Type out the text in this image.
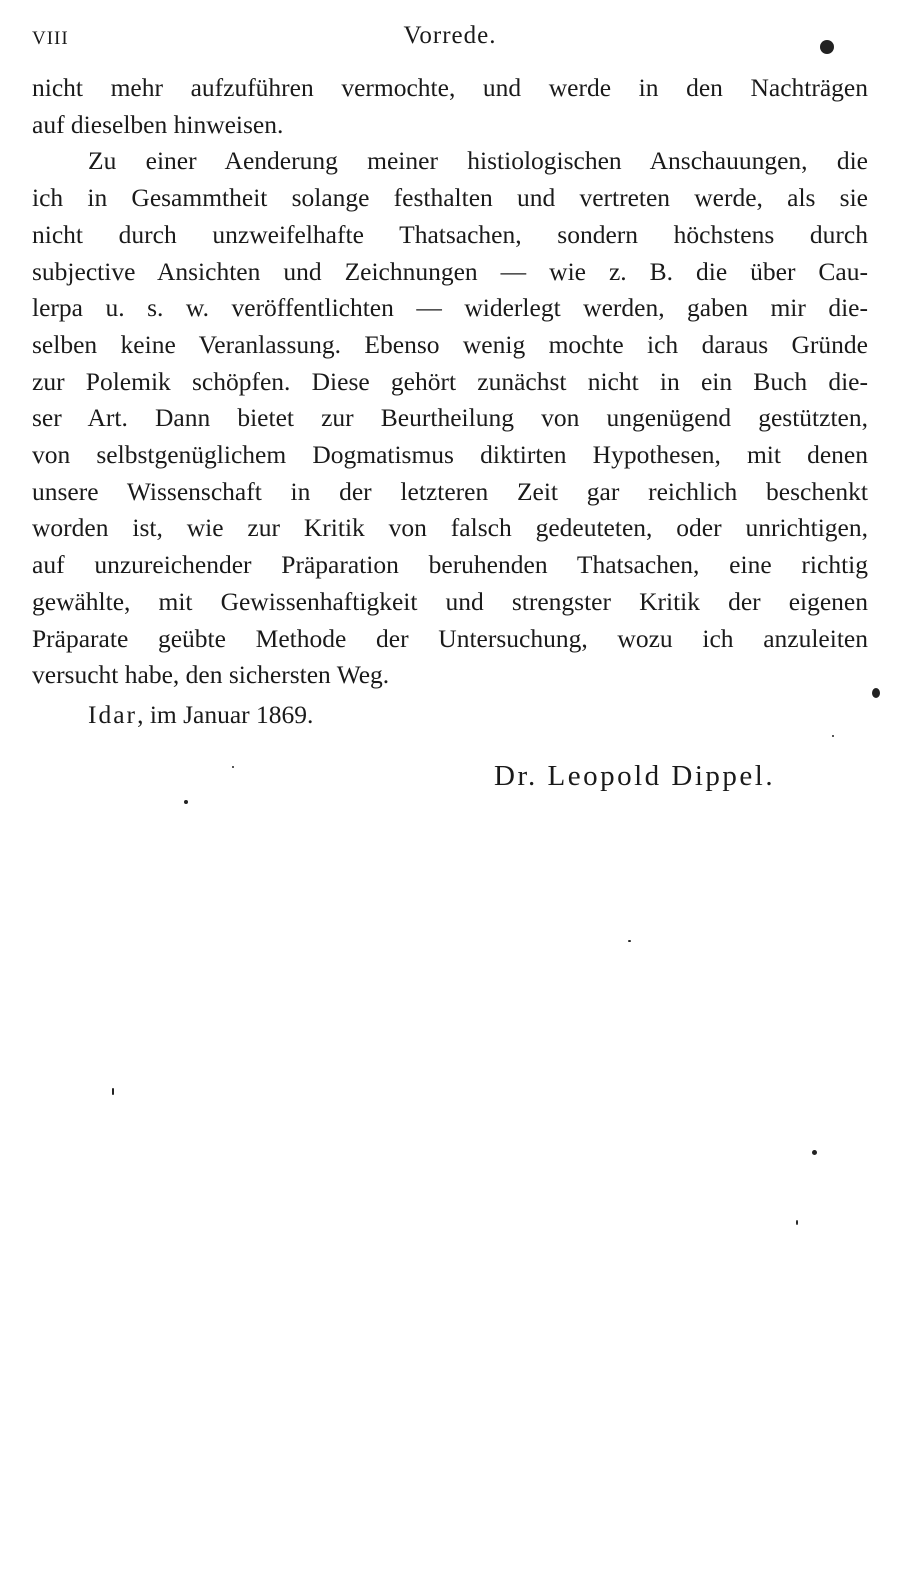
VIII	Vorrede.
nicht mehr aufzuführen vermochte, und werde in den Nachträgen
auf dieselben hinweisen.
Zu einer Aenderung meiner histiologischen Anschauungen, die
ich in Gesammtheit solange festhalten und vertreten werde, als sie
nicht durch unzweifelhafte Thatsachen, sondern höchstens durch
subjective Ansichten und Zeichnungen — wie z. B. die über Cau-
lerpa u. s. w. veröffentlichten — widerlegt werden, gaben mir die-
selben keine Veranlassung. Ebenso wenig mochte ich daraus Gründe
zur Polemik schöpfen. Diese gehört zunächst nicht in ein Buch die-
ser Art. Dann bietet zur Beurtheilung von ungenügend gestützten,
von selbstgenüglichem Dogmatismus diktirten Hypothesen, mit denen
unsere Wissenschaft in der letzteren Zeit gar reichlich beschenkt
worden ist, wie zur Kritik von falsch gedeuteten, oder unrichtigen,
auf unzureichender Präparation beruhenden Thatsachen, eine richtig
gewählte, mit Gewissenhaftigkeit und strengster Kritik der eigenen
Präparate geübte Methode der Untersuchung, wozu ich anzuleiten
versucht habe, den sichersten Weg.
Idar, im Januar 1869.
Dr. Leopold Dippel.
